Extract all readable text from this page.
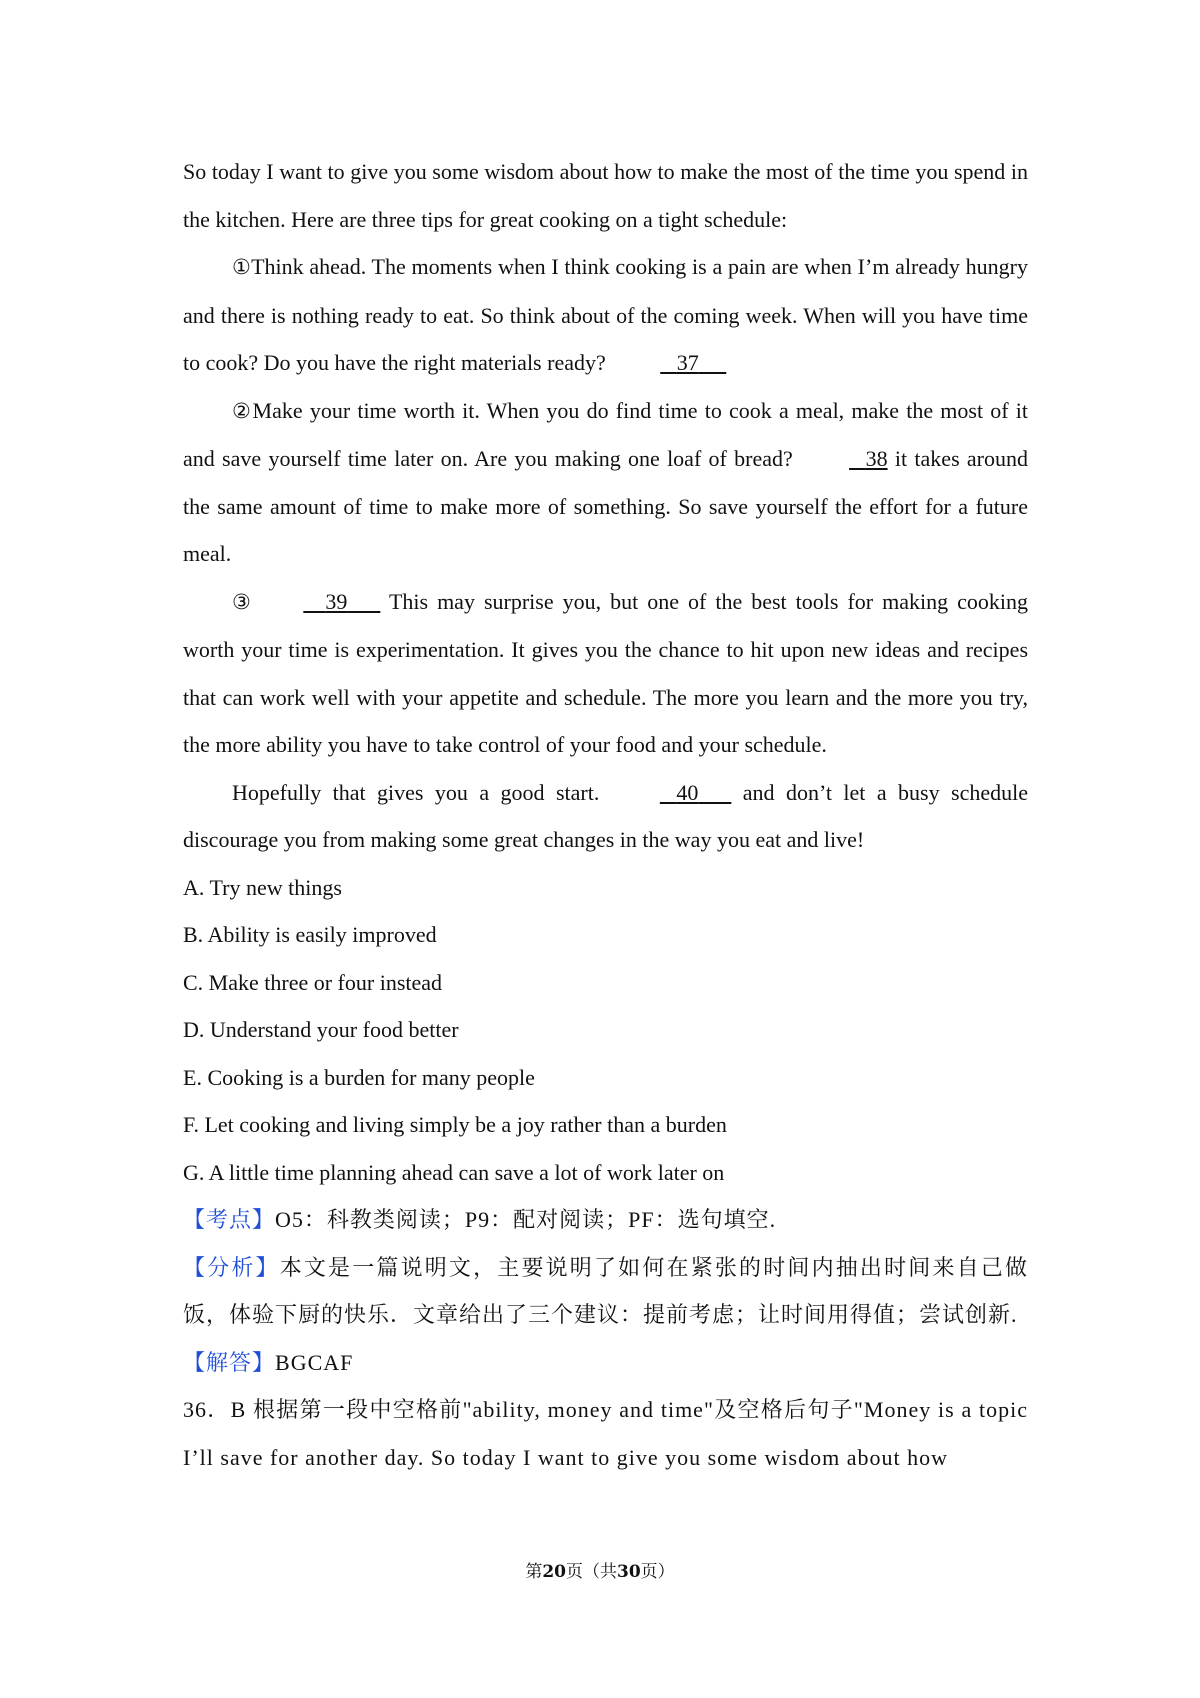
So today I want to give you some wisdom about how to make the most of the time you spend in the kitchen. Here are three tips for great cooking on a tight schedule:

①Think ahead. The moments when I think cooking is a pain are when I’m already hungry and there is nothing ready to eat. So think about of the coming week. When will you have time to cook? Do you have the right materials ready?	37

②Make your time worth it. When you do find time to cook a meal, make the most of it and save yourself time later on. Are you making one loaf of bread?	38 it takes around the same amount of time to make more of something. So save yourself the effort for a future meal.

③	39 This may surprise you, but one of the best tools for making cooking worth your time is experimentation. It gives you the chance to hit upon new ideas and recipes that can work well with your appetite and schedule. The more you learn and the more you try, the more ability you have to take control of your food and your schedule.

Hopefully that gives you a good start.	40 and don’t let a busy schedule discourage you from making some great changes in the way you eat and live!

A. Try new things

B. Ability is easily improved

C. Make three or four instead

D. Understand your food better

E. Cooking is a burden for many people

F. Let cooking and living simply be a joy rather than a burden

G. A little time planning ahead can save a lot of work later on

【考点】O5：科教类阅读；P9：配对阅读；PF：选句填空.

【分析】本文是一篇说明文，主要说明了如何在紧张的时间内抽出时间来自己做饭，体验下厨的快乐．文章给出了三个建议：提前考虑；让时间用得值；尝试创新.

【解答】BGCAF

36．B 根据第一段中空格前"ability, money and time"及空格后句子"Money is a topic I’ll save for another day. So today I want to give you some wisdom about how

第20页（共30页）
